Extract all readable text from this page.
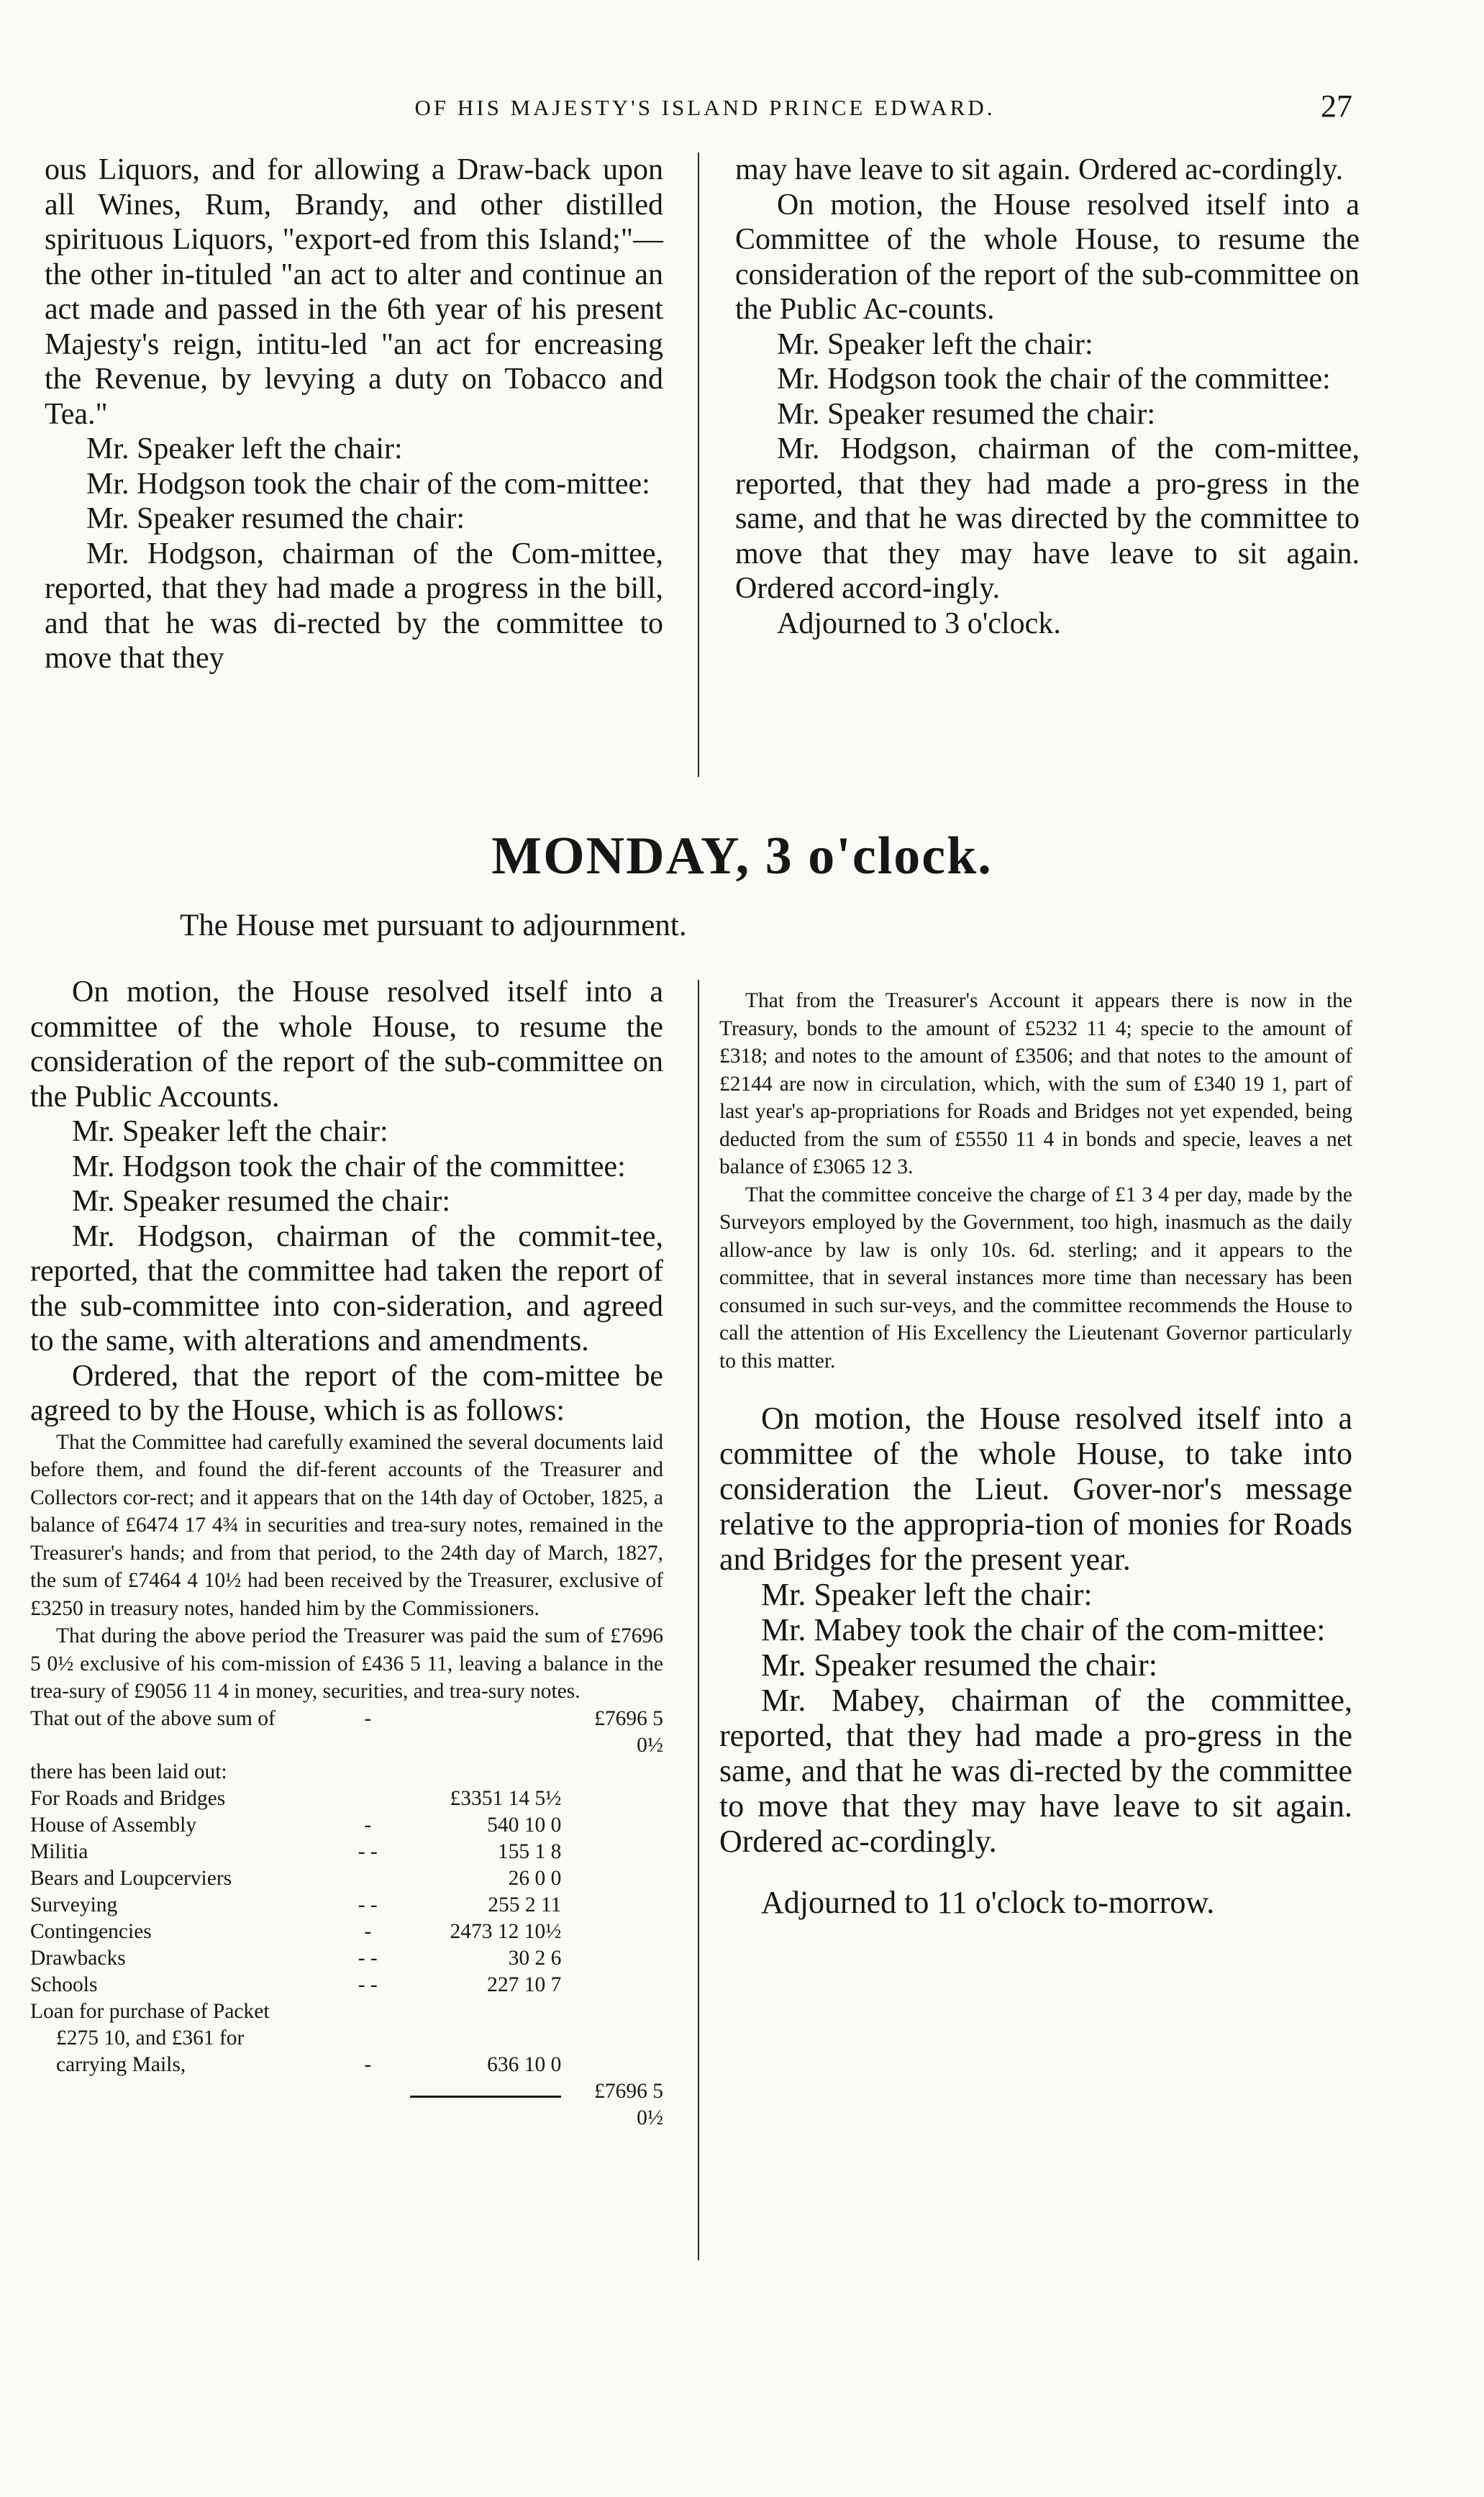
OF HIS MAJESTY'S ISLAND PRINCE EDWARD.	27

ous Liquors, and for allowing a Draw-back upon all Wines, Rum, Brandy, and other distilled spirituous Liquors, "export-ed from this Island;"—the other in-tituled "an act to alter and continue an act made and passed in the 6th year of his present Majesty's reign, intitu-led "an act for encreasing the Revenue, by levying a duty on Tobacco and Tea."

Mr. Speaker left the chair:

Mr. Hodgson took the chair of the com-mittee:

Mr. Speaker resumed the chair:

Mr. Hodgson, chairman of the Com-mittee, reported, that they had made a progress in the bill, and that he was di-rected by the committee to move that they

may have leave to sit again. Ordered ac-cordingly.

On motion, the House resolved itself into a Committee of the whole House, to resume the consideration of the report of the sub-committee on the Public Ac-counts.

Mr. Speaker left the chair:

Mr. Hodgson took the chair of the committee:

Mr. Speaker resumed the chair:

Mr. Hodgson, chairman of the com-mittee, reported, that they had made a pro-gress in the same, and that he was directed by the committee to move that they may have leave to sit again. Ordered accord-ingly.

Adjourned to 3 o'clock.

MONDAY, 3 o'clock.
The House met pursuant to adjournment.

On motion, the House resolved itself into a committee of the whole House, to resume the consideration of the report of the sub-committee on the Public Accounts.

Mr. Speaker left the chair:

Mr. Hodgson took the chair of the committee:

Mr. Speaker resumed the chair:

Mr. Hodgson, chairman of the commit-tee, reported, that the committee had taken the report of the sub-committee into con-sideration, and agreed to the same, with alterations and amendments.

Ordered, that the report of the com-mittee be agreed to by the House, which is as follows:

That the Committee had carefully examined the several documents laid before them, and found the dif-ferent accounts of the Treasurer and Collectors cor-rect; and it appears that on the 14th day of October, 1825, a balance of £6474 17 4¾ in securities and trea-sury notes, remained in the Treasurer's hands; and from that period, to the 24th day of March, 1827, the sum of £7464 4 10½ had been received by the Treasurer, exclusive of £3250 in treasury notes, handed him by the Commissioners.

That during the above period the Treasurer was paid the sum of £7696 5 0½ exclusive of his com-mission of £436 5 11, leaving a balance in the trea-sury of £9056 11 4 in money, securities, and trea-sury notes.

That out of the above sum of	-		£7696 5 0½
there has been laid out:			
For Roads and Bridges		£3351 14 5½	
House of Assembly	-	540 10 0	
Militia	- -	155 1 8	
Bears and Loupcerviers		26 0 0	
Surveying	- -	255 2 11	
Contingencies	-	2473 12 10½	
Drawbacks	- -	30 2 6	
Schools	- -	227 10 7	
Loan for purchase of Packet			
£275 10, and £361 for			
carrying Mails,	-	636 10 0	
			£7696 5 0½

That from the Treasurer's Account it appears there is now in the Treasury, bonds to the amount of £5232 11 4; specie to the amount of £318; and notes to the amount of £3506; and that notes to the amount of £2144 are now in circulation, which, with the sum of £340 19 1, part of last year's ap-propriations for Roads and Bridges not yet expended, being deducted from the sum of £5550 11 4 in bonds and specie, leaves a net balance of £3065 12 3.

That the committee conceive the charge of £1 3 4 per day, made by the Surveyors employed by the Government, too high, inasmuch as the daily allow-ance by law is only 10s. 6d. sterling; and it appears to the committee, that in several instances more time than necessary has been consumed in such sur-veys, and the committee recommends the House to call the attention of His Excellency the Lieutenant Governor particularly to this matter.

On motion, the House resolved itself into a committee of the whole House, to take into consideration the Lieut. Gover-nor's message relative to the appropria-tion of monies for Roads and Bridges for the present year.

Mr. Speaker left the chair:

Mr. Mabey took the chair of the com-mittee:

Mr. Speaker resumed the chair:

Mr. Mabey, chairman of the committee, reported, that they had made a pro-gress in the same, and that he was di-rected by the committee to move that they may have leave to sit again. Ordered ac-cordingly.

Adjourned to 11 o'clock to-morrow.
